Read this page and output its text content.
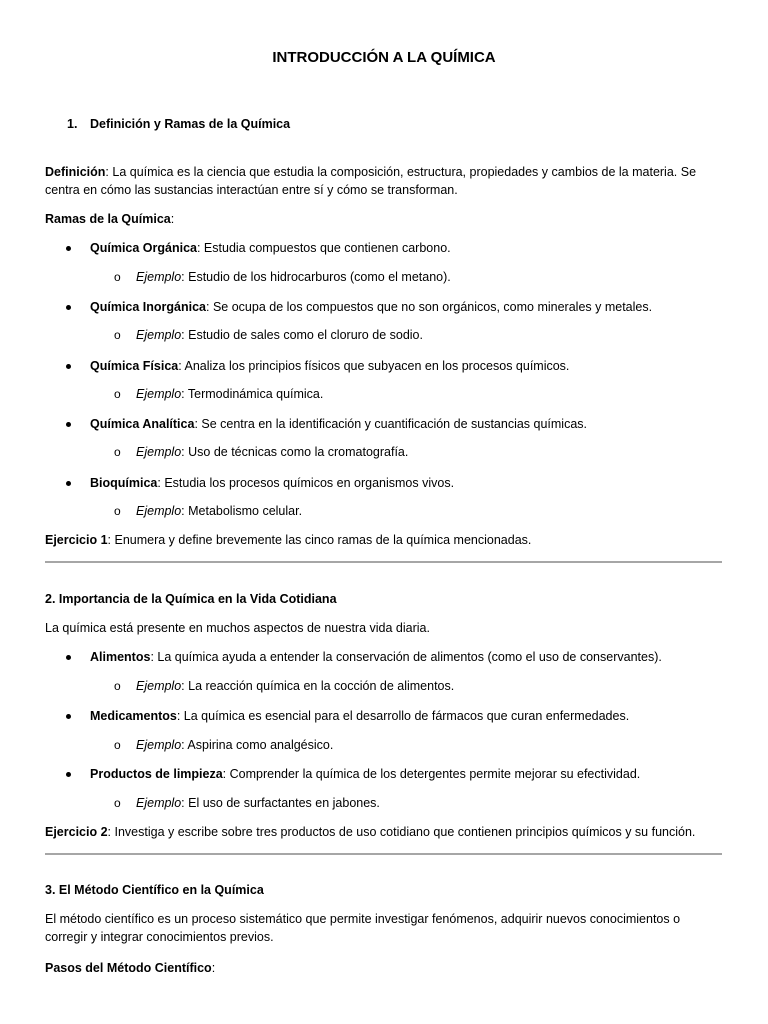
INTRODUCCIÓN A LA QUÍMICA
1. Definición y Ramas de la Química
Definición: La química es la ciencia que estudia la composición, estructura, propiedades y cambios de la materia. Se centra en cómo las sustancias interactúan entre sí y cómo se transforman.
Ramas de la Química:
Química Orgánica: Estudia compuestos que contienen carbono.
o Ejemplo: Estudio de los hidrocarburos (como el metano).
Química Inorgánica: Se ocupa de los compuestos que no son orgánicos, como minerales y metales.
o Ejemplo: Estudio de sales como el cloruro de sodio.
Química Física: Analiza los principios físicos que subyacen en los procesos químicos.
o Ejemplo: Termodinámica química.
Química Analítica: Se centra en la identificación y cuantificación de sustancias químicas.
o Ejemplo: Uso de técnicas como la cromatografía.
Bioquímica: Estudia los procesos químicos en organismos vivos.
o Ejemplo: Metabolismo celular.
Ejercicio 1: Enumera y define brevemente las cinco ramas de la química mencionadas.
2. Importancia de la Química en la Vida Cotidiana
La química está presente en muchos aspectos de nuestra vida diaria.
Alimentos: La química ayuda a entender la conservación de alimentos (como el uso de conservantes).
o Ejemplo: La reacción química en la cocción de alimentos.
Medicamentos: La química es esencial para el desarrollo de fármacos que curan enfermedades.
o Ejemplo: Aspirina como analgésico.
Productos de limpieza: Comprender la química de los detergentes permite mejorar su efectividad.
o Ejemplo: El uso de surfactantes en jabones.
Ejercicio 2: Investiga y escribe sobre tres productos de uso cotidiano que contienen principios químicos y su función.
3. El Método Científico en la Química
El método científico es un proceso sistemático que permite investigar fenómenos, adquirir nuevos conocimientos o corregir y integrar conocimientos previos.
Pasos del Método Científico:
